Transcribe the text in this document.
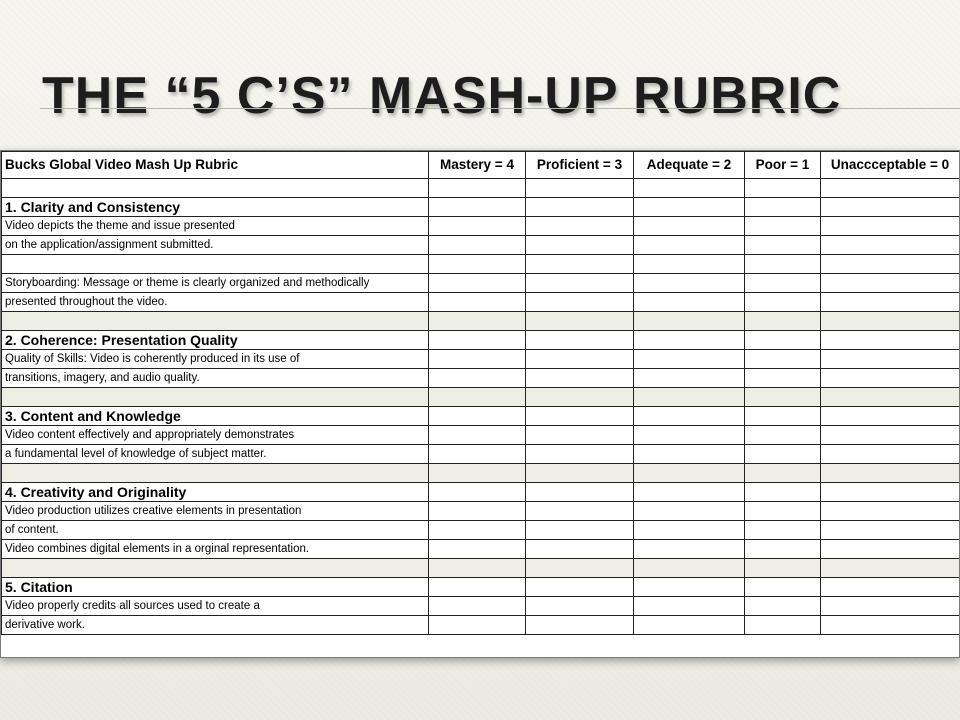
THE “5 C’S” MASH-UP RUBRIC
Bucks Global Video Mash Up Rubric	Mastery = 4	Proficient = 3	Adequate = 2	Poor = 1	Unaccceptable = 0

1. Clarity and Consistency					
Video depicts the theme and issue presented					
on the application/assignment submitted.					

Storyboarding: Message or theme is clearly organized and methodically					
presented throughout the video.					

2. Coherence: Presentation Quality					
Quality of Skills: Video is coherently produced in its use of					
transitions, imagery, and audio quality.					

3. Content and Knowledge					
Video content effectively and appropriately demonstrates					
a fundamental level of knowledge of subject matter.					

4. Creativity and Originality					
Video production utilizes creative elements in presentation					
of content.					
Video combines digital elements in a orginal representation.					

5. Citation					
Video properly credits all sources used to create a					
derivative work.					
